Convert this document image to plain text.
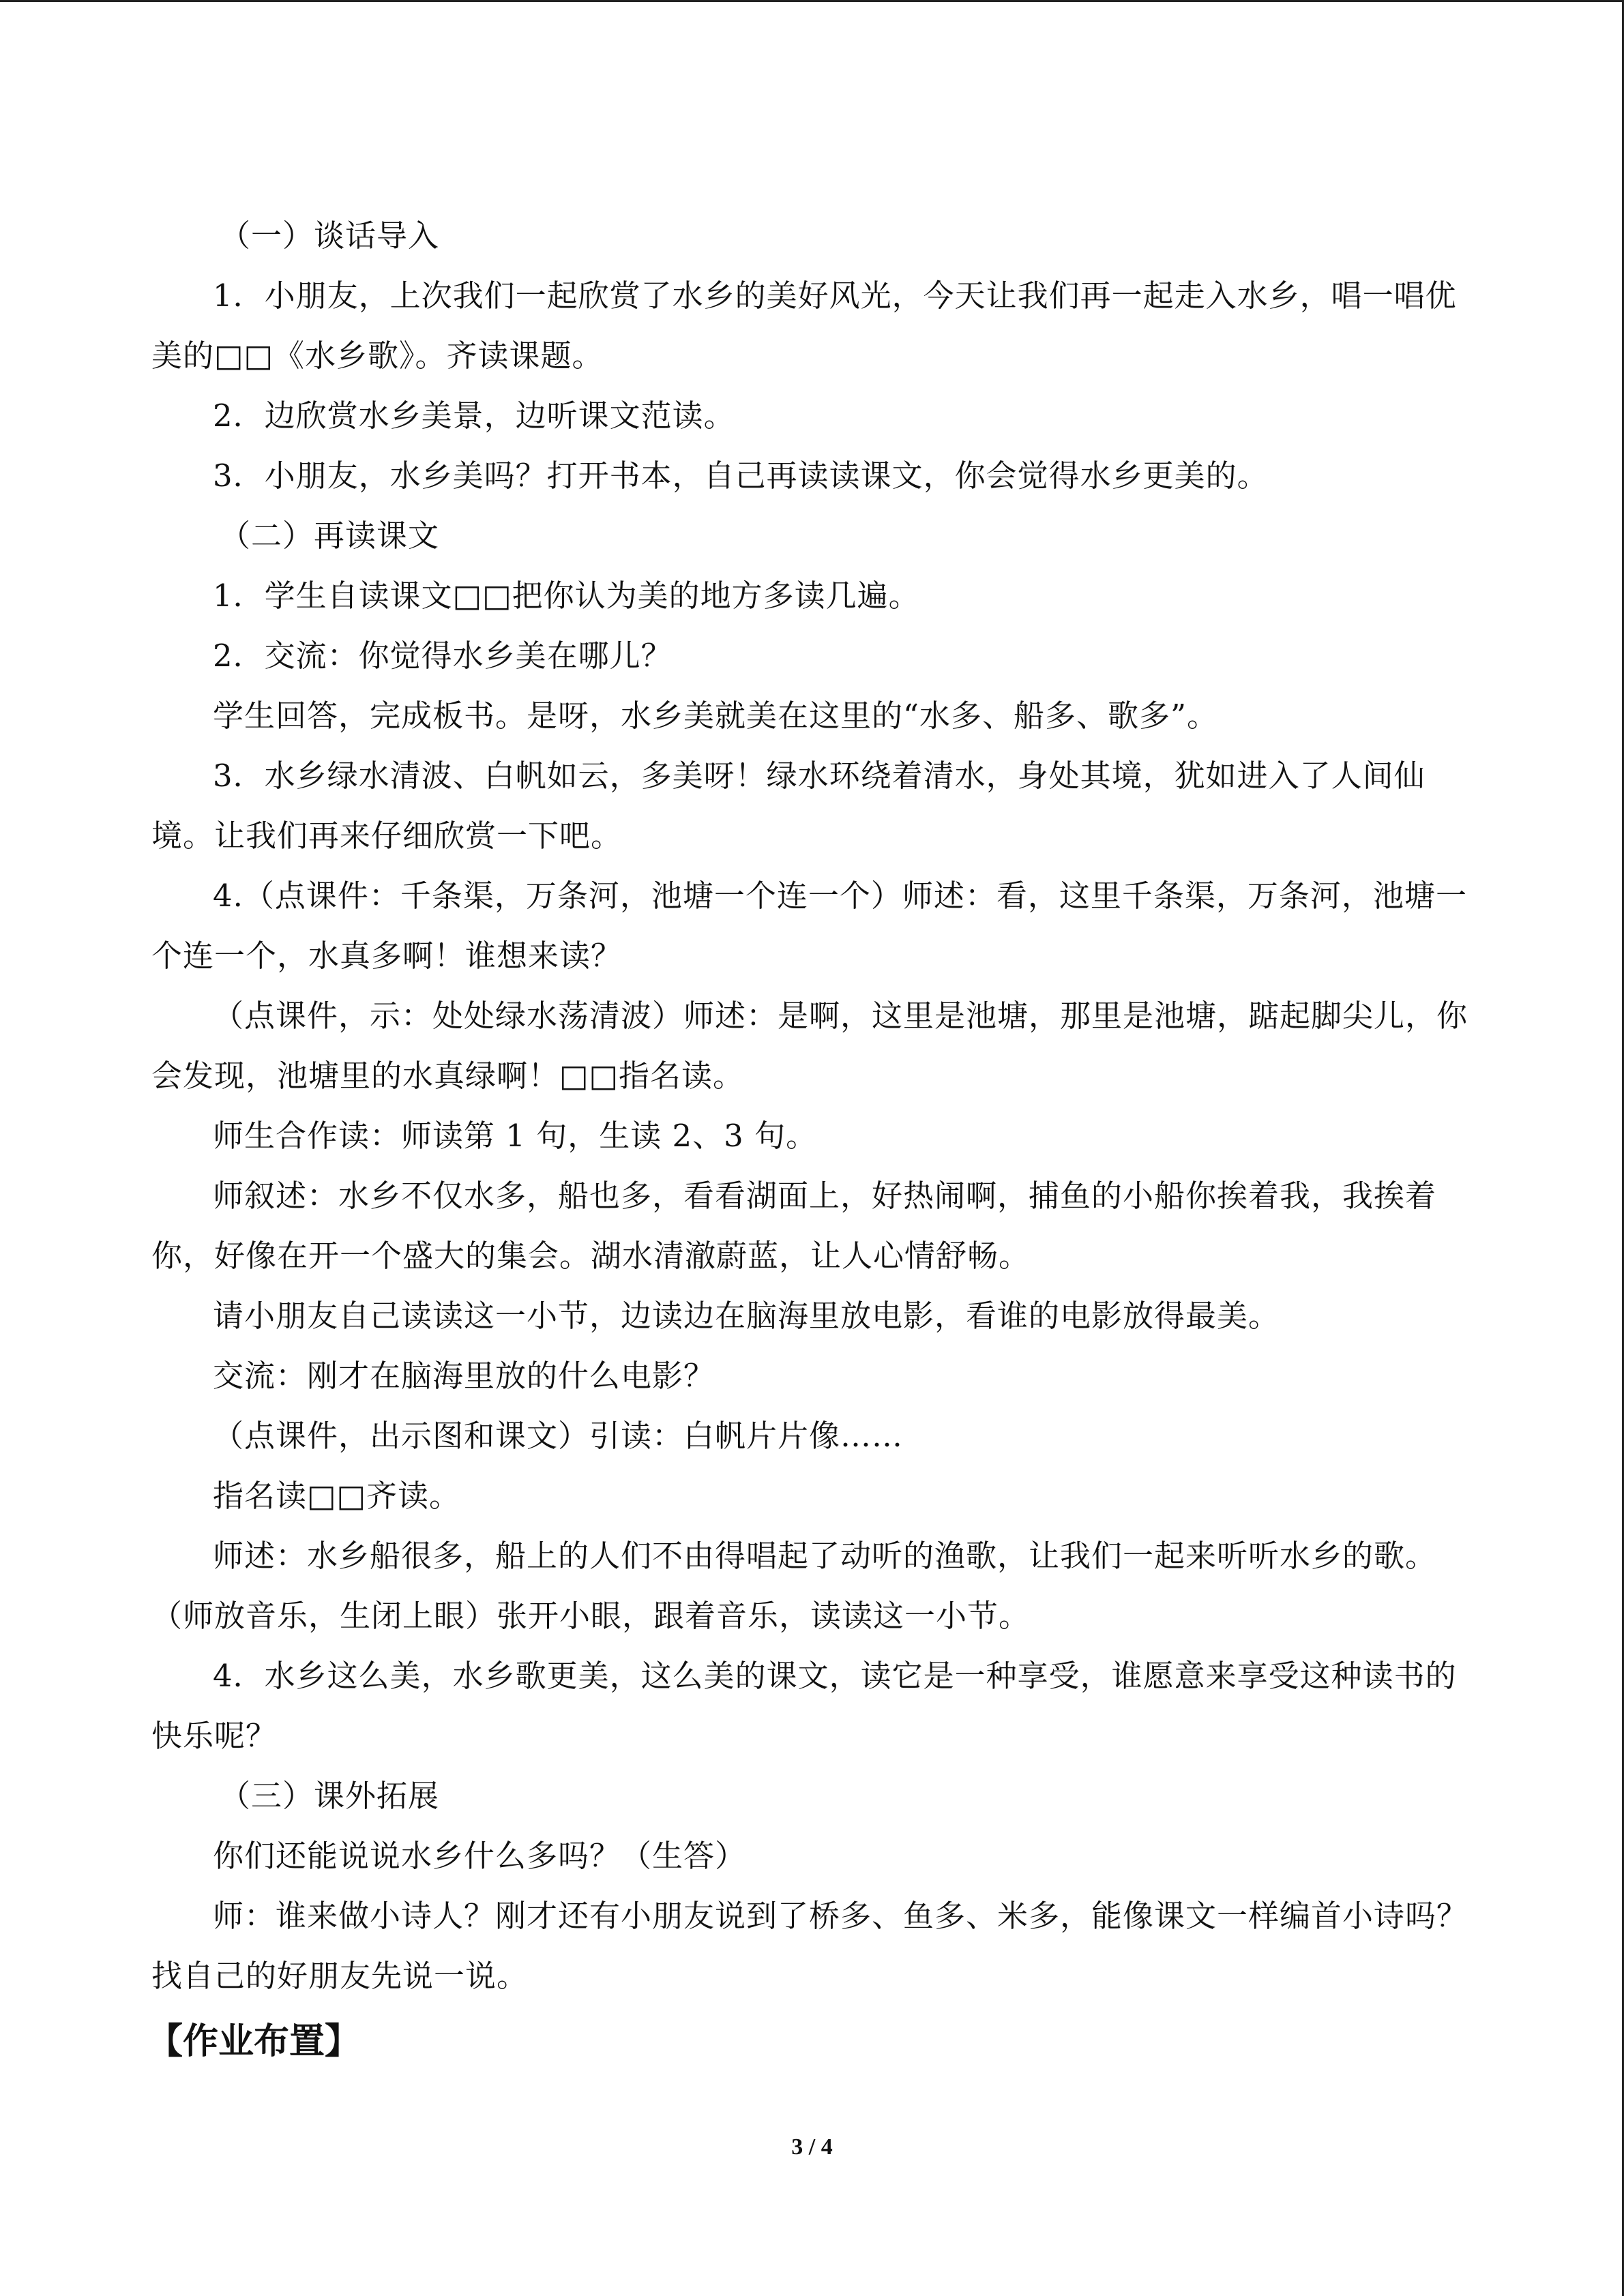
（一）谈话导入

1．小朋友，上次我们一起欣赏了水乡的美好风光，今天让我们再一起走入水乡，唱一唱优美的□□《水乡歌》。齐读课题。

2．边欣赏水乡美景，边听课文范读。

3．小朋友，水乡美吗？打开书本，自己再读读课文，你会觉得水乡更美的。

（二）再读课文

1．学生自读课文□□把你认为美的地方多读几遍。

2．交流：你觉得水乡美在哪儿？

学生回答，完成板书。是呀，水乡美就美在这里的“水多、船多、歌多”。

3．水乡绿水清波、白帆如云，多美呀！绿水环绕着清水，身处其境，犹如进入了人间仙境。让我们再来仔细欣赏一下吧。

4.（点课件：千条渠，万条河，池塘一个连一个）师述：看，这里千条渠，万条河，池塘一个连一个，水真多啊！谁想来读？

（点课件，示：处处绿水荡清波）师述：是啊，这里是池塘，那里是池塘，踮起脚尖儿，你会发现，池塘里的水真绿啊！□□指名读。

师生合作读：师读第 1 句，生读 2、3 句。

师叙述：水乡不仅水多，船也多，看看湖面上，好热闹啊，捕鱼的小船你挨着我，我挨着你，好像在开一个盛大的集会。湖水清澈蔚蓝，让人心情舒畅。

请小朋友自己读读这一小节，边读边在脑海里放电影，看谁的电影放得最美。

交流：刚才在脑海里放的什么电影？

（点课件，出示图和课文）引读：白帆片片像……

指名读□□齐读。

师述：水乡船很多，船上的人们不由得唱起了动听的渔歌，让我们一起来听听水乡的歌。（师放音乐，生闭上眼）张开小眼，跟着音乐，读读这一小节。

4．水乡这么美，水乡歌更美，这么美的课文，读它是一种享受，谁愿意来享受这种读书的快乐呢？

（三）课外拓展

你们还能说说水乡什么多吗？（生答）

师：谁来做小诗人？刚才还有小朋友说到了桥多、鱼多、米多，能像课文一样编首小诗吗？找自己的好朋友先说一说。

【作业布置】
3 / 4
